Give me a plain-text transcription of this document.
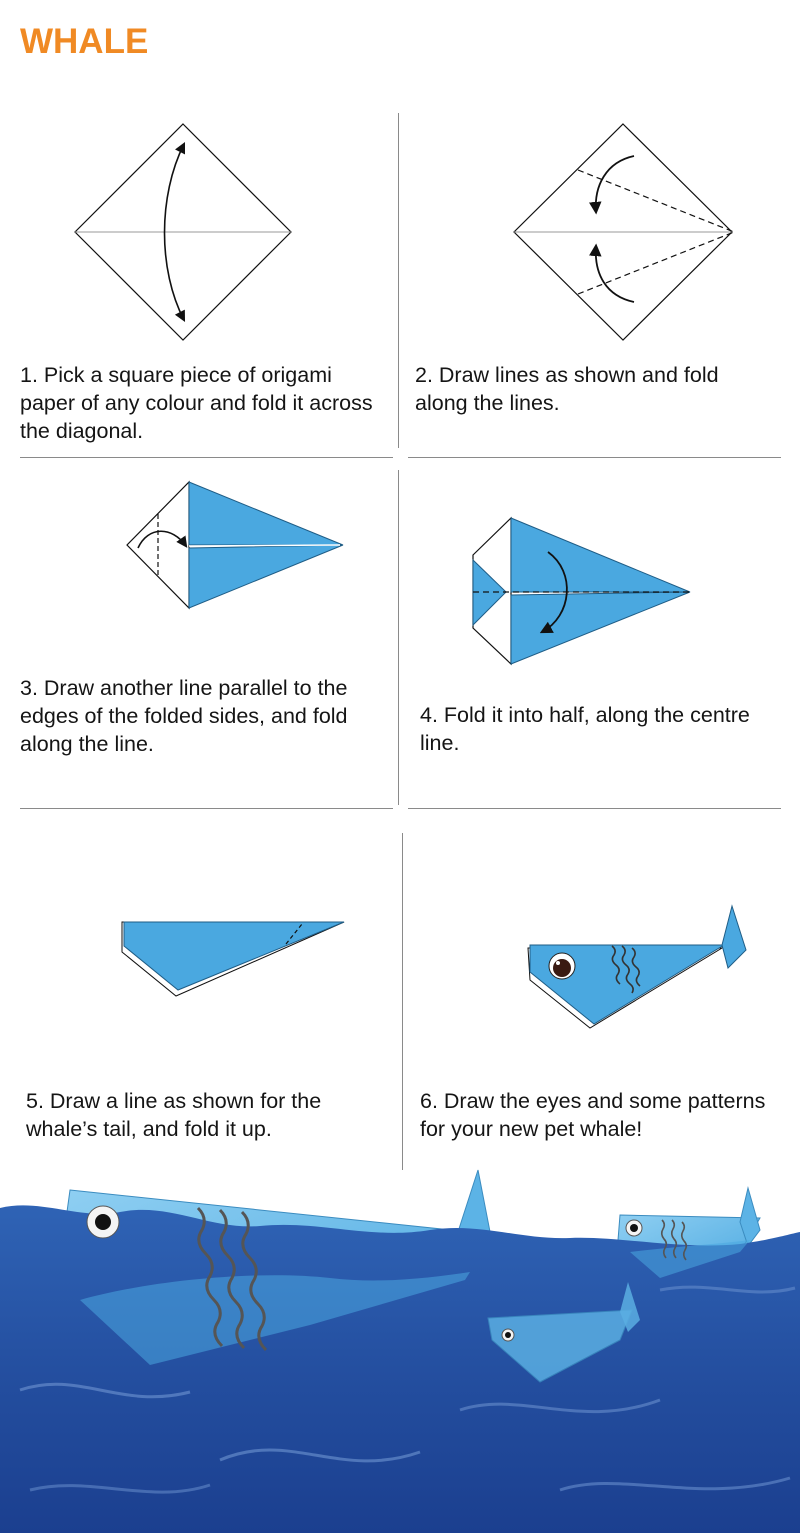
WHALE

1. Pick a square piece of origami paper of any colour and fold it across the diagonal.

2. Draw lines as shown and fold along the lines.

3. Draw another line parallel to the edges of the folded sides, and fold along the line.

4. Fold it into half, along the centre line.

5. Draw a line as shown for the whale’s tail, and fold it up.

6. Draw the eyes and some patterns for your new pet whale!
